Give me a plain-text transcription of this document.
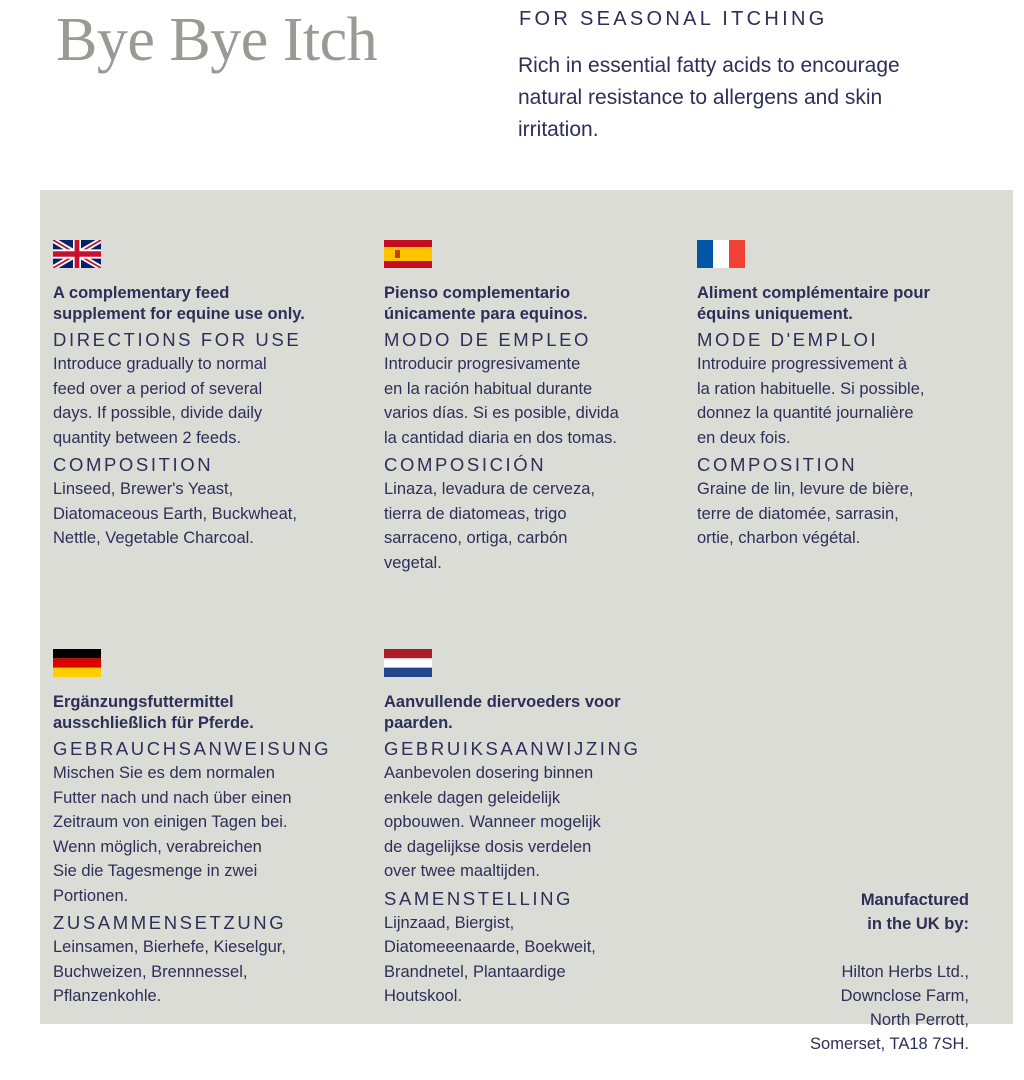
Bye Bye Itch	FOR SEASONAL ITCHING

Rich in essential fatty acids to encourage natural resistance to allergens and skin irritation.

A complementary feed
supplement for equine use only.
DIRECTIONS FOR USE
Introduce gradually to normal
feed over a period of several
days. If possible, divide daily
quantity between 2 feeds.
COMPOSITION
Linseed, Brewer's Yeast,
Diatomaceous Earth, Buckwheat,
Nettle, Vegetable Charcoal.
Pienso complementario
únicamente para equinos.
MODO DE EMPLEO
Introducir progresivamente
en la ración habitual durante
varios días. Si es posible, divida
la cantidad diaria en dos tomas.
COMPOSICIÓN
Linaza, levadura de cerveza,
tierra de diatomeas, trigo
sarraceno, ortiga, carbón
vegetal.
Aliment complémentaire pour
équins uniquement.
MODE D'EMPLOI
Introduire progressivement à
la ration habituelle. Si possible,
donnez la quantité journalière
en deux fois.
COMPOSITION
Graine de lin, levure de bière,
terre de diatomée, sarrasin,
ortie, charbon végétal.
Ergänzungsfuttermittel
ausschließlich für Pferde.
GEBRAUCHSANWEISUNG
Mischen Sie es dem normalen
Futter nach und nach über einen
Zeitraum von einigen Tagen bei.
Wenn möglich, verabreichen
Sie die Tagesmenge in zwei
Portionen.
ZUSAMMENSETZUNG
Leinsamen, Bierhefe, Kieselgur,
Buchweizen, Brennnessel,
Pflanzenkohle.
Aanvullende diervoeders voor
paarden.
GEBRUIKSAANWIJZING
Aanbevolen dosering binnen
enkele dagen geleidelijk
opbouwen. Wanneer mogelijk
de dagelijkse dosis verdelen
over twee maaltijden.
SAMENSTELLING
Lijnzaad, Biergist,
Diatomeeenaarde, Boekweit,
Brandnetel, Plantaardige
Houtskool.

Manufactured
in the UK by:

Hilton Herbs Ltd.,
Downclose Farm,
North Perrott,
Somerset, TA18 7SH.
